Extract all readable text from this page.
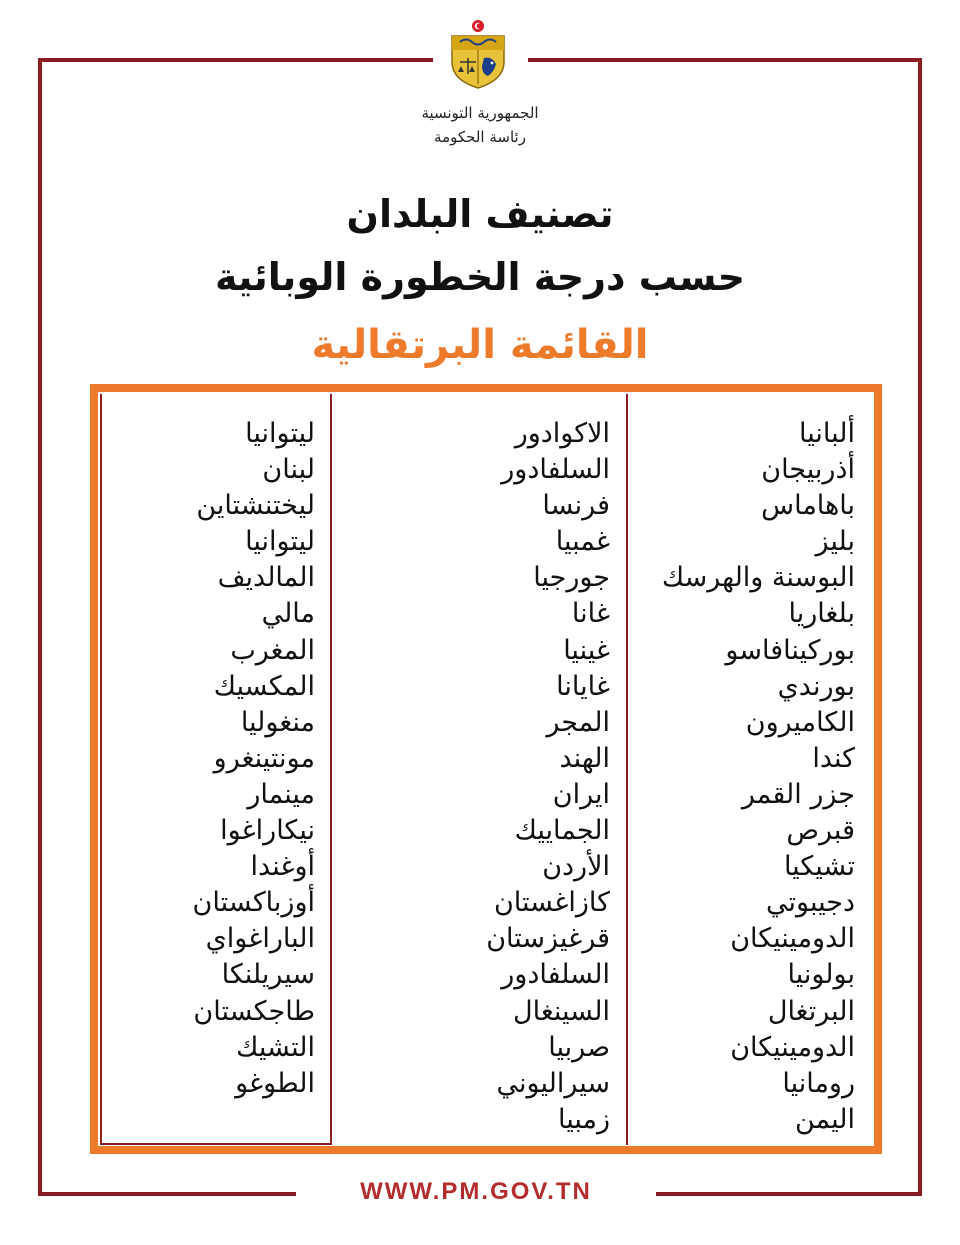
الجمهورية التونسية
رئاسة الحكومة
تصنيف البلدان
حسب درجة الخطورة الوبائية
القائمة البرتقالية
ألبانيا
أذربيجان
باهاماس
بليز
البوسنة والهرسك
بلغاريا
بوركينافاسو
بورندي
الكاميرون
كندا
جزر القمر
قبرص
تشيكيا
دجيبوتي
الدومينيكان
بولونيا
البرتغال
الدومينيكان
رومانيا
اليمن
الاكوادور
السلفادور
فرنسا
غمبيا
جورجيا
غانا
غينيا
غايانا
المجر
الهند
ايران
الجماييك
الأردن
كازاغستان
قرغيزستان
السلفادور
السينغال
صربيا
سيراليوني
زمبيا
ليتوانيا
لبنان
ليختنشتاين
ليتوانيا
المالديف
مالي
المغرب
المكسيك
منغوليا
مونتينغرو
مينمار
نيكاراغوا
أوغندا
أوزباكستان
الباراغواي
سيريلنكا
طاجكستان
التشيك
الطوغو
WWW.PM.GOV.TN
